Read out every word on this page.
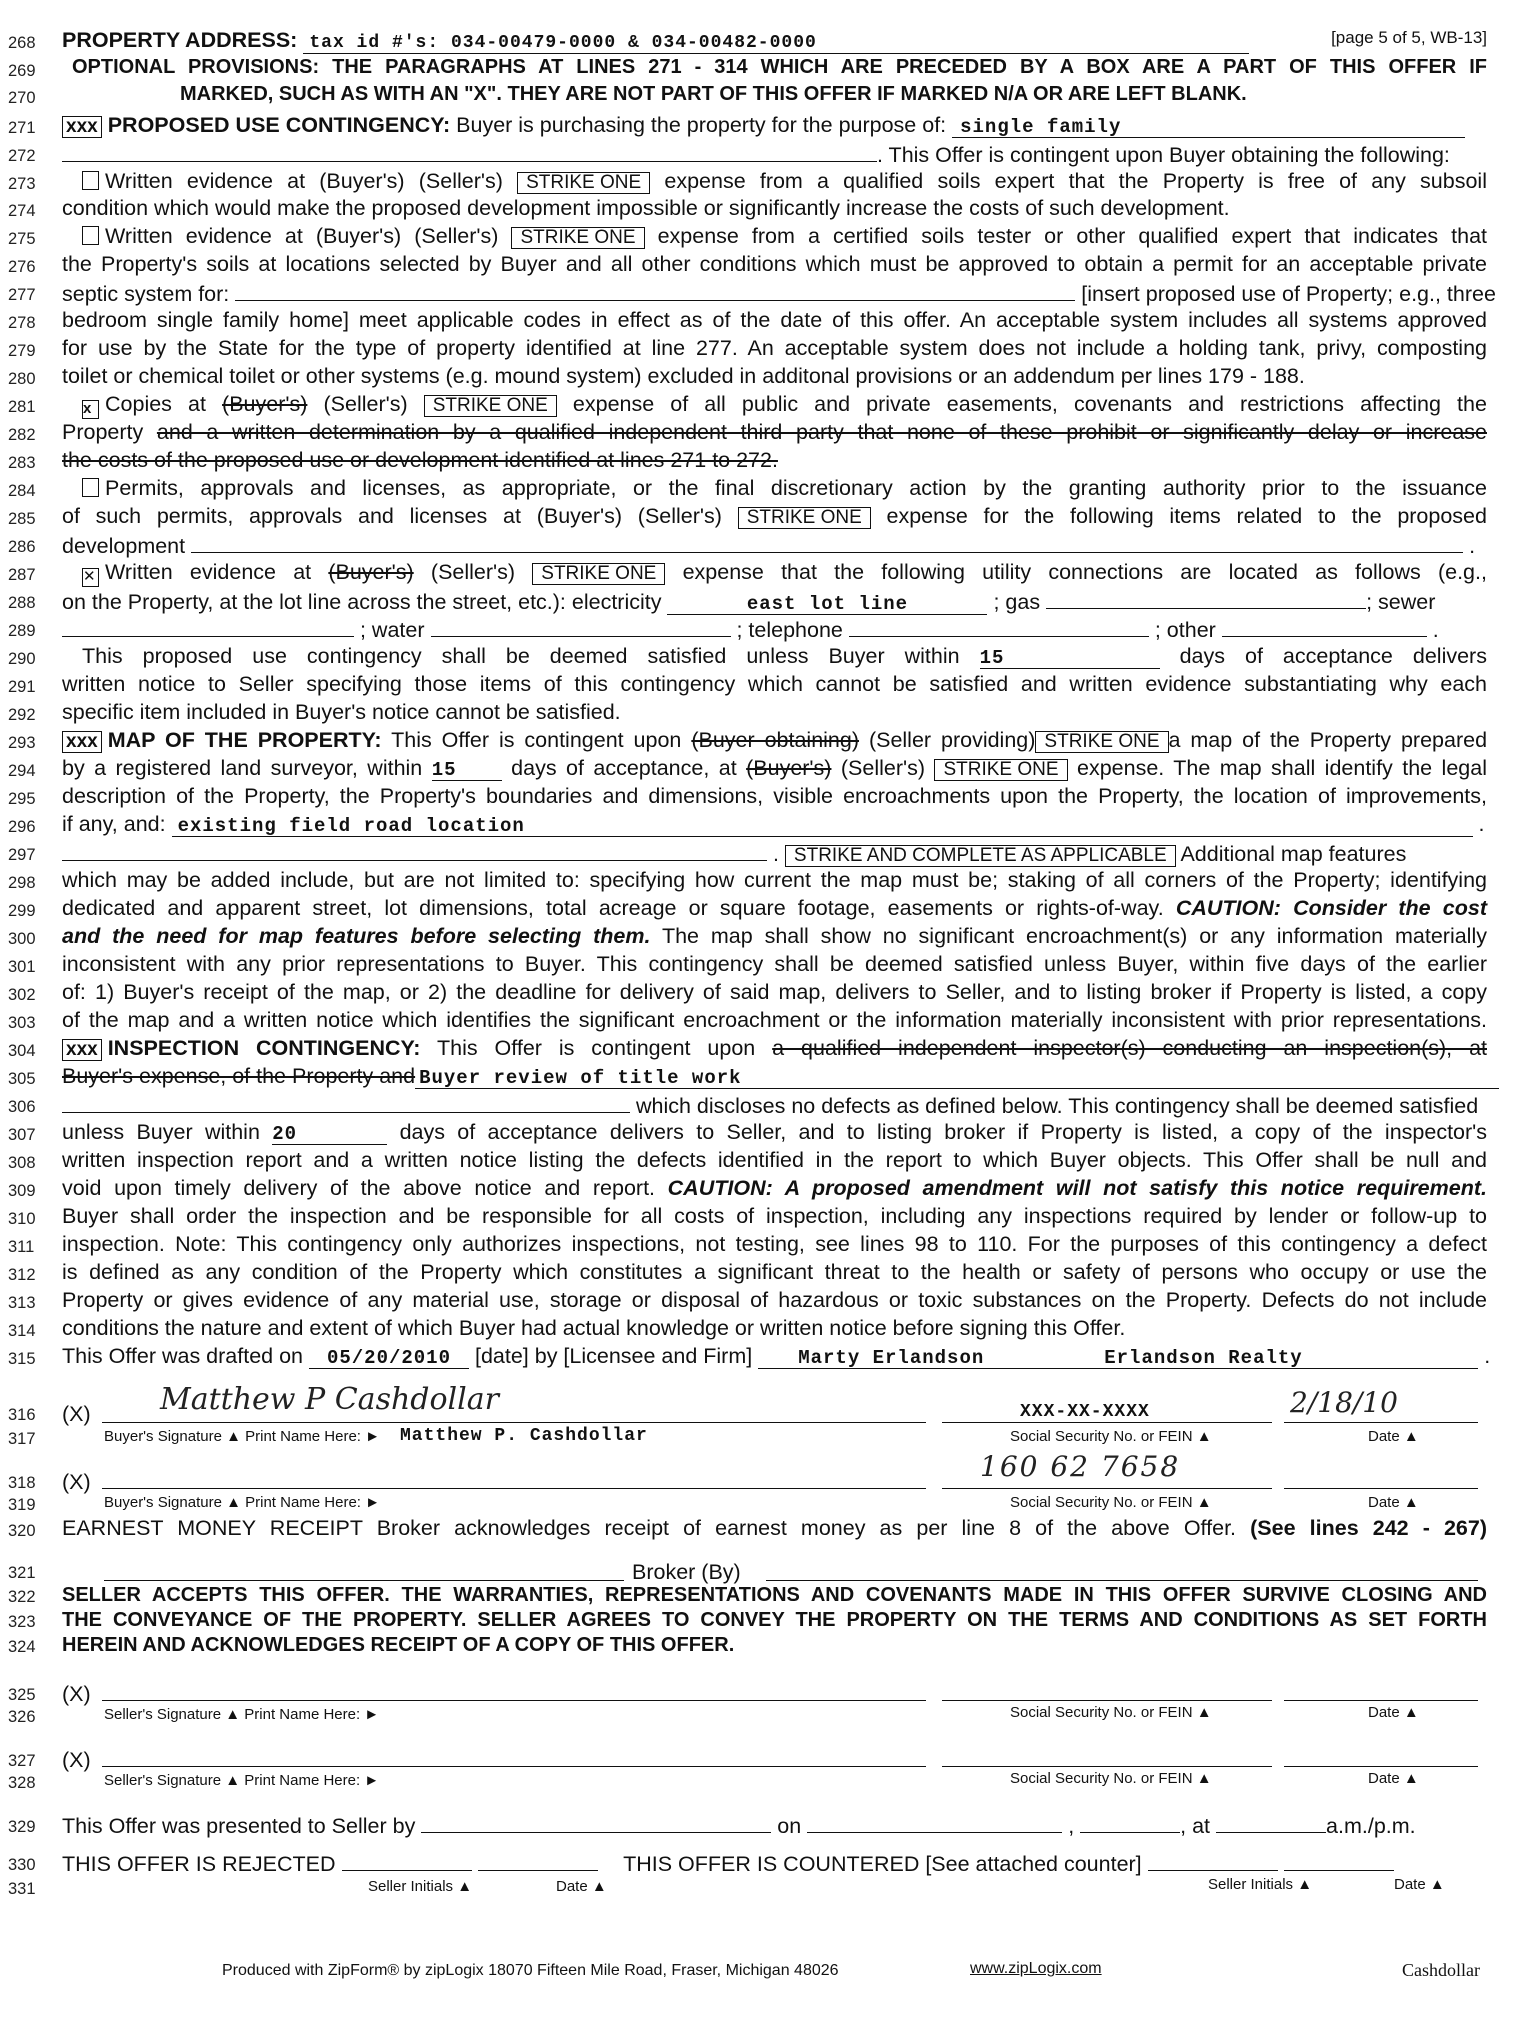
268
269
270
271
272
273
274
275
276
277
278
279
280
281
282
283
284
285
286
287
288
289
290
291
292
293
294
295
296
297
298
299
300
301
302
303
304
305
306
307
308
309
310
311
312
313
314
315
316
317
318
319
320
321
322
323
324
325
326
327
328
329
330
331
PROPERTY ADDRESS: tax id #'s: 034-00479-0000 & 034-00482-0000	[page 5 of 5, WB-13]
OPTIONAL PROVISIONS: THE PARAGRAPHS AT LINES 271 - 314 WHICH ARE PRECEDED BY A BOX ARE A PART OF THIS OFFER IF
MARKED, SUCH AS WITH AN "X". THEY ARE NOT PART OF THIS OFFER IF MARKED N/A OR ARE LEFT BLANK.
xxx PROPOSED USE CONTINGENCY: Buyer is purchasing the property for the purpose of: single family
. This Offer is contingent upon Buyer obtaining the following:
Written evidence at (Buyer's) (Seller's) STRIKE ONE expense from a qualified soils expert that the Property is free of any subsoil
condition which would make the proposed development impossible or significantly increase the costs of such development.
Written evidence at (Buyer's) (Seller's) STRIKE ONE expense from a certified soils tester or other qualified expert that indicates that
the Property's soils at locations selected by Buyer and all other conditions which must be approved to obtain a permit for an acceptable private
septic system for:	[insert proposed use of Property; e.g., three
bedroom single family home] meet applicable codes in effect as of the date of this offer. An acceptable system includes all systems approved
for use by the State for the type of property identified at line 277. An acceptable system does not include a holding tank, privy, composting
toilet or chemical toilet or other systems (e.g. mound system) excluded in additonal provisions or an addendum per lines 179 - 188.
x Copies at (Buyer's) (Seller's) STRIKE ONE expense of all public and private easements, covenants and restrictions affecting the
Property and a written determination by a qualified independent third party that none of these prohibit or significantly delay or increase
the costs of the proposed use or development identified at lines 271 to 272.
Permits, approvals and licenses, as appropriate, or the final discretionary action by the granting authority prior to the issuance
of such permits, approvals and licenses at (Buyer's) (Seller's) STRIKE ONE expense for the following items related to the proposed
development	.
✕ Written evidence at (Buyer's) (Seller's) STRIKE ONE expense that the following utility connections are located as follows (e.g.,
on the Property, at the lot line across the street, etc.): electricity	east lot line	; gas	; sewer
; water	; telephone	; other	.
This proposed use contingency shall be deemed satisfied unless Buyer within 15	days of acceptance delivers
written notice to Seller specifying those items of this contingency which cannot be satisfied and written evidence substantiating why each
specific item included in Buyer's notice cannot be satisfied.
xxx MAP OF THE PROPERTY: This Offer is contingent upon (Buyer obtaining) (Seller providing) STRIKE ONE a map of the Property prepared
by a registered land surveyor, within 15	days of acceptance, at (Buyer's) (Seller's) STRIKE ONE expense. The map shall identify the legal
description of the Property, the Property's boundaries and dimensions, visible encroachments upon the Property, the location of improvements,
if any, and: existing field road location	.
. STRIKE AND COMPLETE AS APPLICABLE Additional map features
which may be added include, but are not limited to: specifying how current the map must be; staking of all corners of the Property; identifying
dedicated and apparent street, lot dimensions, total acreage or square footage, easements or rights-of-way. CAUTION: Consider the cost
and the need for map features before selecting them. The map shall show no significant encroachment(s) or any information materially
inconsistent with any prior representations to Buyer. This contingency shall be deemed satisfied unless Buyer, within five days of the earlier
of: 1) Buyer's receipt of the map, or 2) the deadline for delivery of said map, delivers to Seller, and to listing broker if Property is listed, a copy
of the map and a written notice which identifies the significant encroachment or the information materially inconsistent with prior representations.
xxx INSPECTION CONTINGENCY: This Offer is contingent upon a qualified independent inspector(s) conducting an inspection(s), at
Buyer's expense, of the Property and Buyer review of title work
which discloses no defects as defined below. This contingency shall be deemed satisfied
unless Buyer within 20	days of acceptance delivers to Seller, and to listing broker if Property is listed, a copy of the inspector's
written inspection report and a written notice listing the defects identified in the report to which Buyer objects. This Offer shall be null and
void upon timely delivery of the above notice and report. CAUTION: A proposed amendment will not satisfy this notice requirement.
Buyer shall order the inspection and be responsible for all costs of inspection, including any inspections required by lender or follow-up to
inspection. Note: This contingency only authorizes inspections, not testing, see lines 98 to 110. For the purposes of this contingency a defect
is defined as any condition of the Property which constitutes a significant threat to the health or safety of persons who occupy or use the
Property or gives evidence of any material use, storage or disposal of hazardous or toxic substances on the Property. Defects do not include
conditions the nature and extent of which Buyer had actual knowledge or written notice before signing this Offer.
This Offer was drafted on 05/20/2010 [date] by [Licensee and Firm] Marty Erlandson	Erlandson Realty	.
(X) Matthew P Cashdollar	XXX-XX-XXXX	2/18/10
Buyer's Signature ▲ Print Name Here: ► Matthew P. Cashdollar	Social Security No. or FEIN ▲	Date ▲
(X)	160 62 7658
Buyer's Signature ▲ Print Name Here: ►	Social Security No. or FEIN ▲	Date ▲
EARNEST MONEY RECEIPT Broker acknowledges receipt of earnest money as per line 8 of the above Offer. (See lines 242 - 267)
Broker (By)
SELLER ACCEPTS THIS OFFER. THE WARRANTIES, REPRESENTATIONS AND COVENANTS MADE IN THIS OFFER SURVIVE CLOSING AND
THE CONVEYANCE OF THE PROPERTY. SELLER AGREES TO CONVEY THE PROPERTY ON THE TERMS AND CONDITIONS AS SET FORTH
HEREIN AND ACKNOWLEDGES RECEIPT OF A COPY OF THIS OFFER.
(X)
Seller's Signature ▲ Print Name Here: ►	Social Security No. or FEIN ▲	Date ▲
(X)
Seller's Signature ▲ Print Name Here: ►	Social Security No. or FEIN ▲	Date ▲
This Offer was presented to Seller by	on	,	, at	a.m./p.m.
THIS OFFER IS REJECTED	THIS OFFER IS COUNTERED [See attached counter]
Seller Initials ▲	Date ▲	Seller Initials ▲	Date ▲
Produced with ZipForm® by zipLogix 18070 Fifteen Mile Road, Fraser, Michigan 48026	www.zipLogix.com	Cashdollar
